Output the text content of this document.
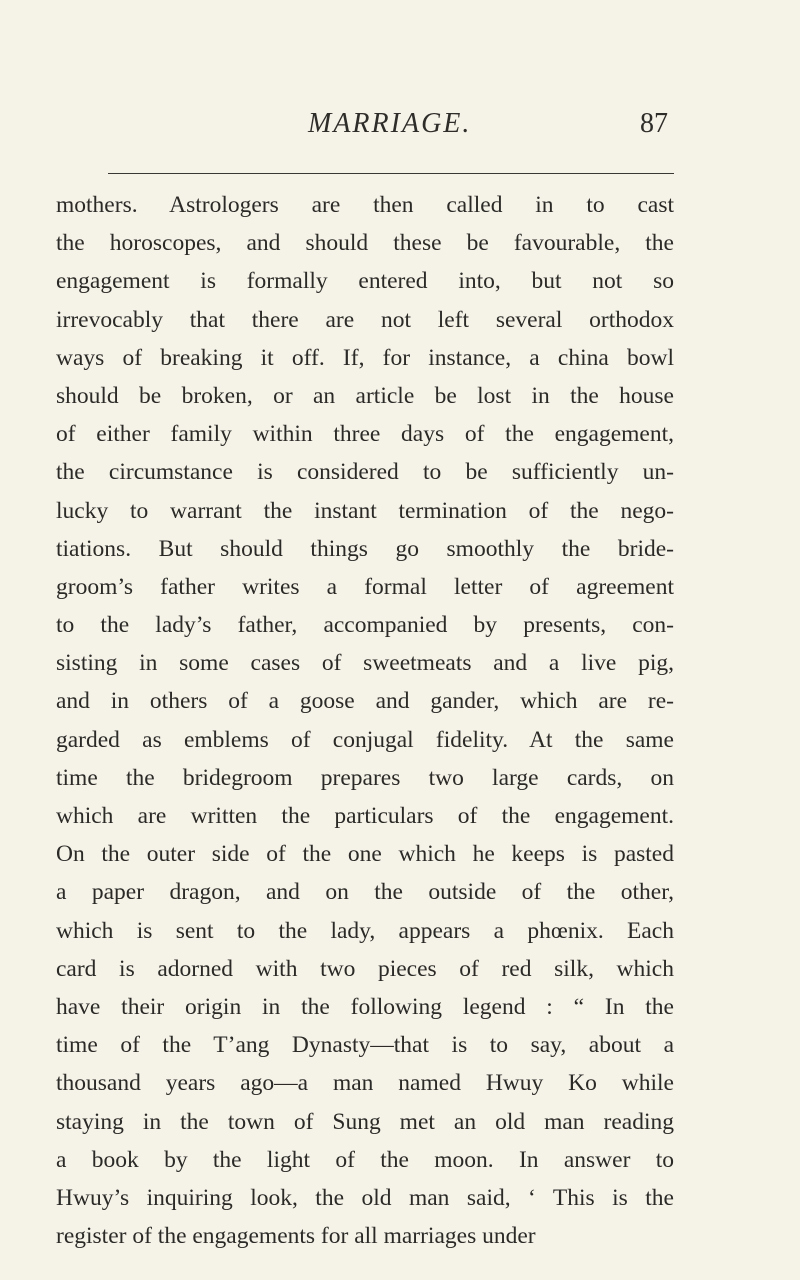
MARRIAGE.	87
mothers. Astrologers are then called in to cast
the horoscopes, and should these be favourable, the
engagement is formally entered into, but not so
irrevocably that there are not left several orthodox
ways of breaking it off. If, for instance, a china bowl
should be broken, or an article be lost in the house
of either family within three days of the engagement,
the circumstance is considered to be sufficiently un-
lucky to warrant the instant termination of the nego-
tiations. But should things go smoothly the bride-
groom’s father writes a formal letter of agreement
to the lady’s father, accompanied by presents, con-
sisting in some cases of sweetmeats and a live pig,
and in others of a goose and gander, which are re-
garded as emblems of conjugal fidelity. At the same
time the bridegroom prepares two large cards, on
which are written the particulars of the engagement.
On the outer side of the one which he keeps is pasted
a paper dragon, and on the outside of the other,
which is sent to the lady, appears a phœnix. Each
card is adorned with two pieces of red silk, which
have their origin in the following legend : “ In the
time of the T’ang Dynasty—that is to say, about a
thousand years ago—a man named Hwuy Ko while
staying in the town of Sung met an old man reading
a book by the light of the moon. In answer to
Hwuy’s inquiring look, the old man said, ‘ This is the
register of the engagements for all marriages under
